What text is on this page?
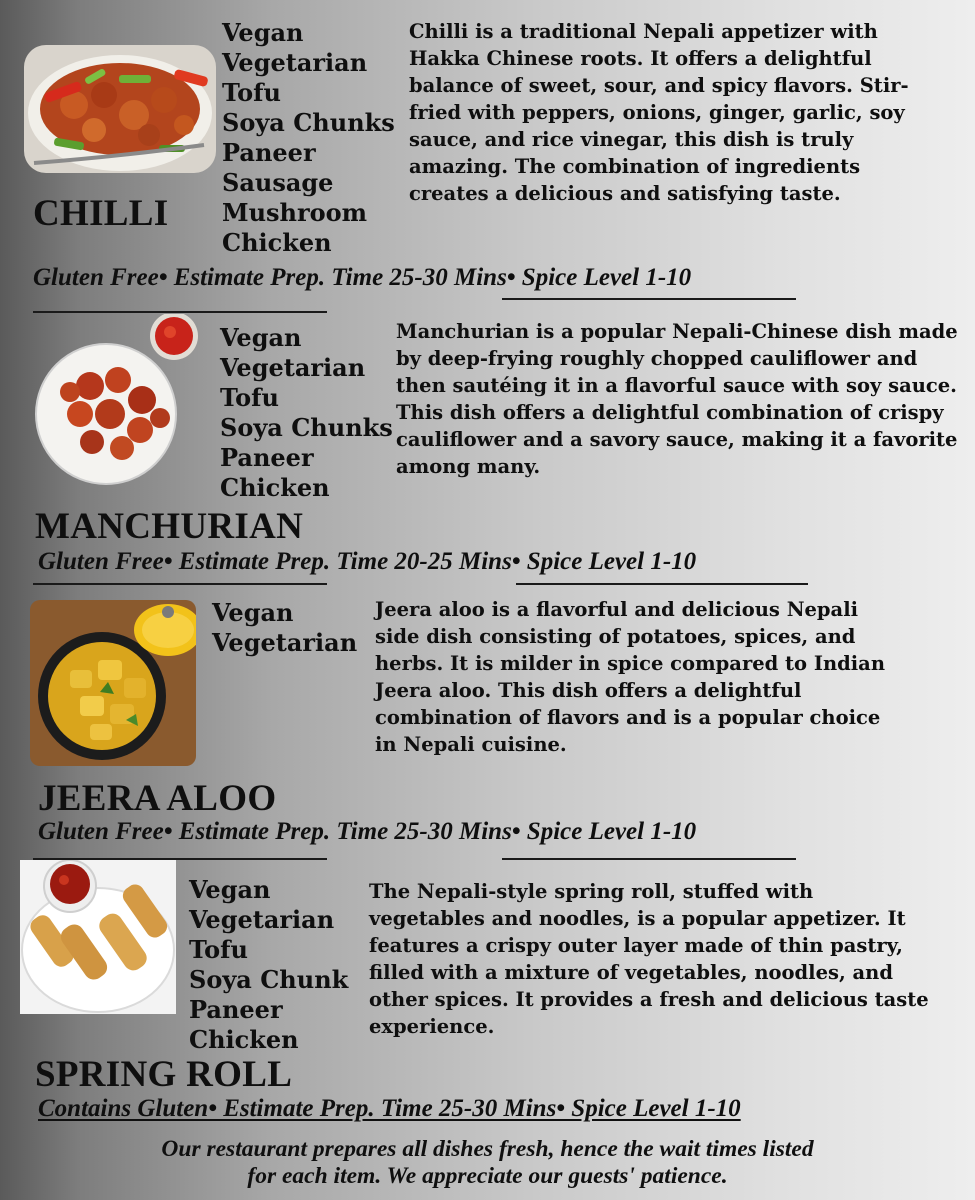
Vegan
Vegetarian
Tofu
Soya Chunks
Paneer
Sausage
Mushroom
Chicken
Chilli is a traditional Nepali appetizer with Hakka Chinese roots. It offers a delightful balance of sweet, sour, and spicy flavors. Stir-fried with peppers, onions, ginger, garlic, soy sauce, and rice vinegar, this dish is truly amazing. The combination of ingredients creates a delicious and satisfying taste.
CHILLI
Gluten Free• Estimate Prep. Time 25-30 Mins• Spice Level 1-10
Vegan
Vegetarian
Tofu
Soya Chunks
Paneer
Chicken
Manchurian is a popular Nepali-Chinese dish made by deep-frying roughly chopped cauliflower and then sautéing it in a flavorful sauce with soy sauce. This dish offers a delightful combination of crispy cauliflower and a savory sauce, making it a favorite among many.
MANCHURIAN
Gluten Free• Estimate Prep. Time 20-25 Mins• Spice Level 1-10
Vegan
Vegetarian
Jeera aloo is a flavorful and delicious Nepali side dish consisting of potatoes, spices, and herbs. It is milder in spice compared to Indian Jeera aloo. This dish offers a delightful combination of flavors and is a popular choice in Nepali cuisine.
JEERA ALOO
Gluten Free• Estimate Prep. Time 25-30 Mins• Spice Level 1-10
Vegan
Vegetarian
Tofu
Soya Chunk
Paneer
Chicken
The Nepali-style spring roll, stuffed with vegetables and noodles, is a popular appetizer. It features a crispy outer layer made of thin pastry, filled with a mixture of vegetables, noodles, and other spices. It provides a fresh and delicious taste experience.
SPRING ROLL
Contains Gluten• Estimate Prep. Time 25-30 Mins• Spice Level 1-10
Our restaurant prepares all dishes fresh, hence the wait times listed
for each item. We appreciate our guests' patience.
